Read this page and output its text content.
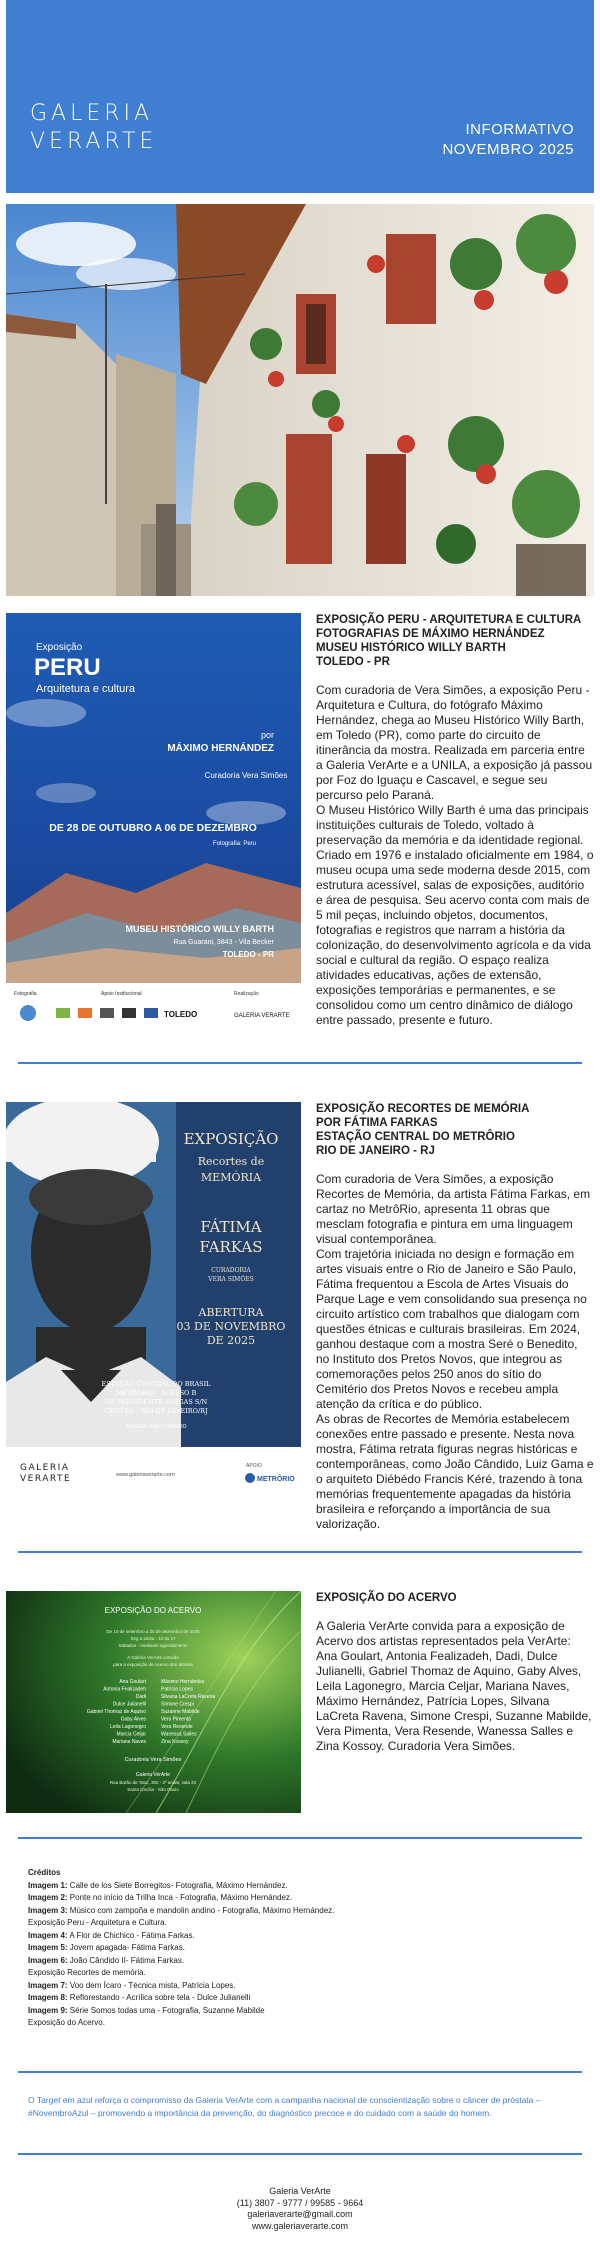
GALERIA
VERARTE	INFORMATIVO
NOVEMBRO 2025
Exposição
PERU
Arquitetura e cultura
por
MÁXIMO HERNÁNDEZ
Curadoria Vera Simões
DE 28 DE OUTUBRO A 06 DE DEZEMBRO
Fotografia: Peru
MUSEU HISTÓRICO WILLY BARTH
Rua Guarani, 3843 - Vila Becker
TOLEDO - PR
Fotografia	Apoio Institucional	Realização
TOLEDO	GALERIA VERARTE
EXPOSIÇÃO PERU - ARQUITETURA E CULTURA
FOTOGRAFIAS DE MÁXIMO HERNÁNDEZ
MUSEU HISTÓRICO WILLY BARTH
TOLEDO - PR

Com curadoria de Vera Simões, a exposição Peru - Arquitetura e Cultura, do fotógrafo Máximo Hernández, chega ao Museu Histórico Willy Barth, em Toledo (PR), como parte do circuito de itinerância da mostra. Realizada em parceria entre a Galeria VerArte e a UNILA, a exposição já passou por Foz do Iguaçu e Cascavel, e segue seu percurso pelo Paraná.

O Museu Histórico Willy Barth é uma das principais instituições culturais de Toledo, voltado à preservação da memória e da identidade regional. Criado em 1976 e instalado oficialmente em 1984, o museu ocupa uma sede moderna desde 2015, com estrutura acessível, salas de exposições, auditório e área de pesquisa. Seu acervo conta com mais de 5 mil peças, incluindo objetos, documentos, fotografias e registros que narram a história da colonização, do desenvolvimento agrícola e da vida social e cultural da região. O espaço realiza atividades educativas, ações de extensão, exposições temporárias e permanentes, e se consolidou como um centro dinâmico de diálogo entre passado, presente e futuro.

EXPOSIÇÃO
Recortes de
MEMÓRIA
FÁTIMA
FARKAS
CURADORIA
VERA SIMÕES
ABERTURA
03 DE NOVEMBRO
DE 2025
ESTAÇÃO CENTRAL DO BRASIL
METRÔRIO - ACESSO B
AV. PRESIDENTE VARGAS S/N
CENTRO - RIO DE JANEIRO/RJ
IMAGEM: JOÃO CÂNDIDO
GALERIA
VERARTE	www.galeriaverarte.com
APOIO
METRÔRIO
EXPOSIÇÃO RECORTES DE MEMÓRIA
POR FÁTIMA FARKAS
ESTAÇÃO CENTRAL DO METRÔRIO
RIO DE JANEIRO - RJ

Com curadoria de Vera Simões, a exposição Recortes de Memória, da artista Fátima Farkas, em cartaz no MetrôRio, apresenta 11 obras que mesclam fotografia e pintura em uma linguagem visual contemporânea.

Com trajetória iniciada no design e formação em artes visuais entre o Rio de Janeiro e São Paulo, Fátima frequentou a Escola de Artes Visuais do Parque Lage e vem consolidando sua presença no circuito artístico com trabalhos que dialogam com questões étnicas e culturais brasileiras. Em 2024, ganhou destaque com a mostra Seré o Benedito, no Instituto dos Pretos Novos, que integrou as comemorações pelos 250 anos do sítio do Cemitério dos Pretos Novos e recebeu ampla atenção da crítica e do público.

As obras de Recortes de Memória estabelecem conexões entre passado e presente. Nesta nova mostra, Fátima retrata figuras negras históricas e contemporâneas, como João Cândido, Luiz Gama e o arquiteto Diébédo Francis Kéré, trazendo à tona memórias frequentemente apagadas da história brasileira e reforçando a importância de sua valorização.

EXPOSIÇÃO DO ACERVO
De 10 de setembro a 20 de dezembro de 2025
Seg a sexta - 10 às 17
Sábados - mediante agendamento
A Galeria VerArte convida
para a exposição de Acervo dos artistas
Ana Goulart
Antonia Fealizadeh
Dadi
Dulce Julianelli
Gabriel Thomaz de Aquino
Gaby Alves
Leila Lagonegro
Marcia Celjar
Mariana Naves
Máximo Hernández
Patrícia Lopes
Silvana LaCreta Ravena
Simone Crespi
Suzanne Mabilde
Vera Pimenta
Vera Resende
Wanessa Salles
Zina Kossoy
Curadoria Vera Simões
Galeria VerArte
Rua Barão de Tatuí, 302 - 2º andar, sala 22
Santa Cecília - São Paulo
EXPOSIÇÃO DO ACERVO

A Galeria VerArte convida para a exposição de Acervo dos artistas representados pela VerArte: Ana Goulart, Antonia Fealizadeh, Dadi, Dulce Julianelli, Gabriel Thomaz de Aquino, Gaby Alves, Leila Lagonegro, Marcia Celjar, Mariana Naves, Máximo Hernández, Patrícia Lopes, Silvana LaCreta Ravena, Simone Crespi, Suzanne Mabilde, Vera Pimenta, Vera Resende, Wanessa Salles e Zina Kossoy. Curadoria Vera Simões.

Créditos
Imagem 1: Calle de los Siete Borregitos- Fotografia, Máximo Hernández.
Imagem 2: Ponte no início da Trilha Inca - Fotografia, Máximo Hernández.
Imagem 3: Músico com zampoña e mandolin andino - Fotografia, Máximo Hernández.
Exposição Peru - Arquitetura e Cultura.
Imagem 4: A Flor de Chichico - Fátima Farkas.
Imagem 5: Jovem apagada- Fátima Farkas.
Imagem 6: João Cândido II- Fátima Farkas.
Exposição Recortes de memória.
Imagem 7: Voo dem Ícaro - Técnica mista, Patrícia Lopes.
Imagem 8: Reflorestando - Acrílica sobre tela - Dulce Julianelli
Imagem 9: Série Somos todas uma - Fotografia, Suzanne Mabilde
Exposição do Acervo.
O Target em azul reforça o compromisso da Galeria VerArte com a campanha nacional de conscientização sobre o câncer de próstata – #NovembroAzul – promovendo a importância da prevenção, do diagnóstico precoce e do cuidado com a saúde do homem.
Galeria VerArte
(11) 3807 - 9777 / 99585 - 9664
galeriaverarte@gmail.com
www.galeriaverarte.com
